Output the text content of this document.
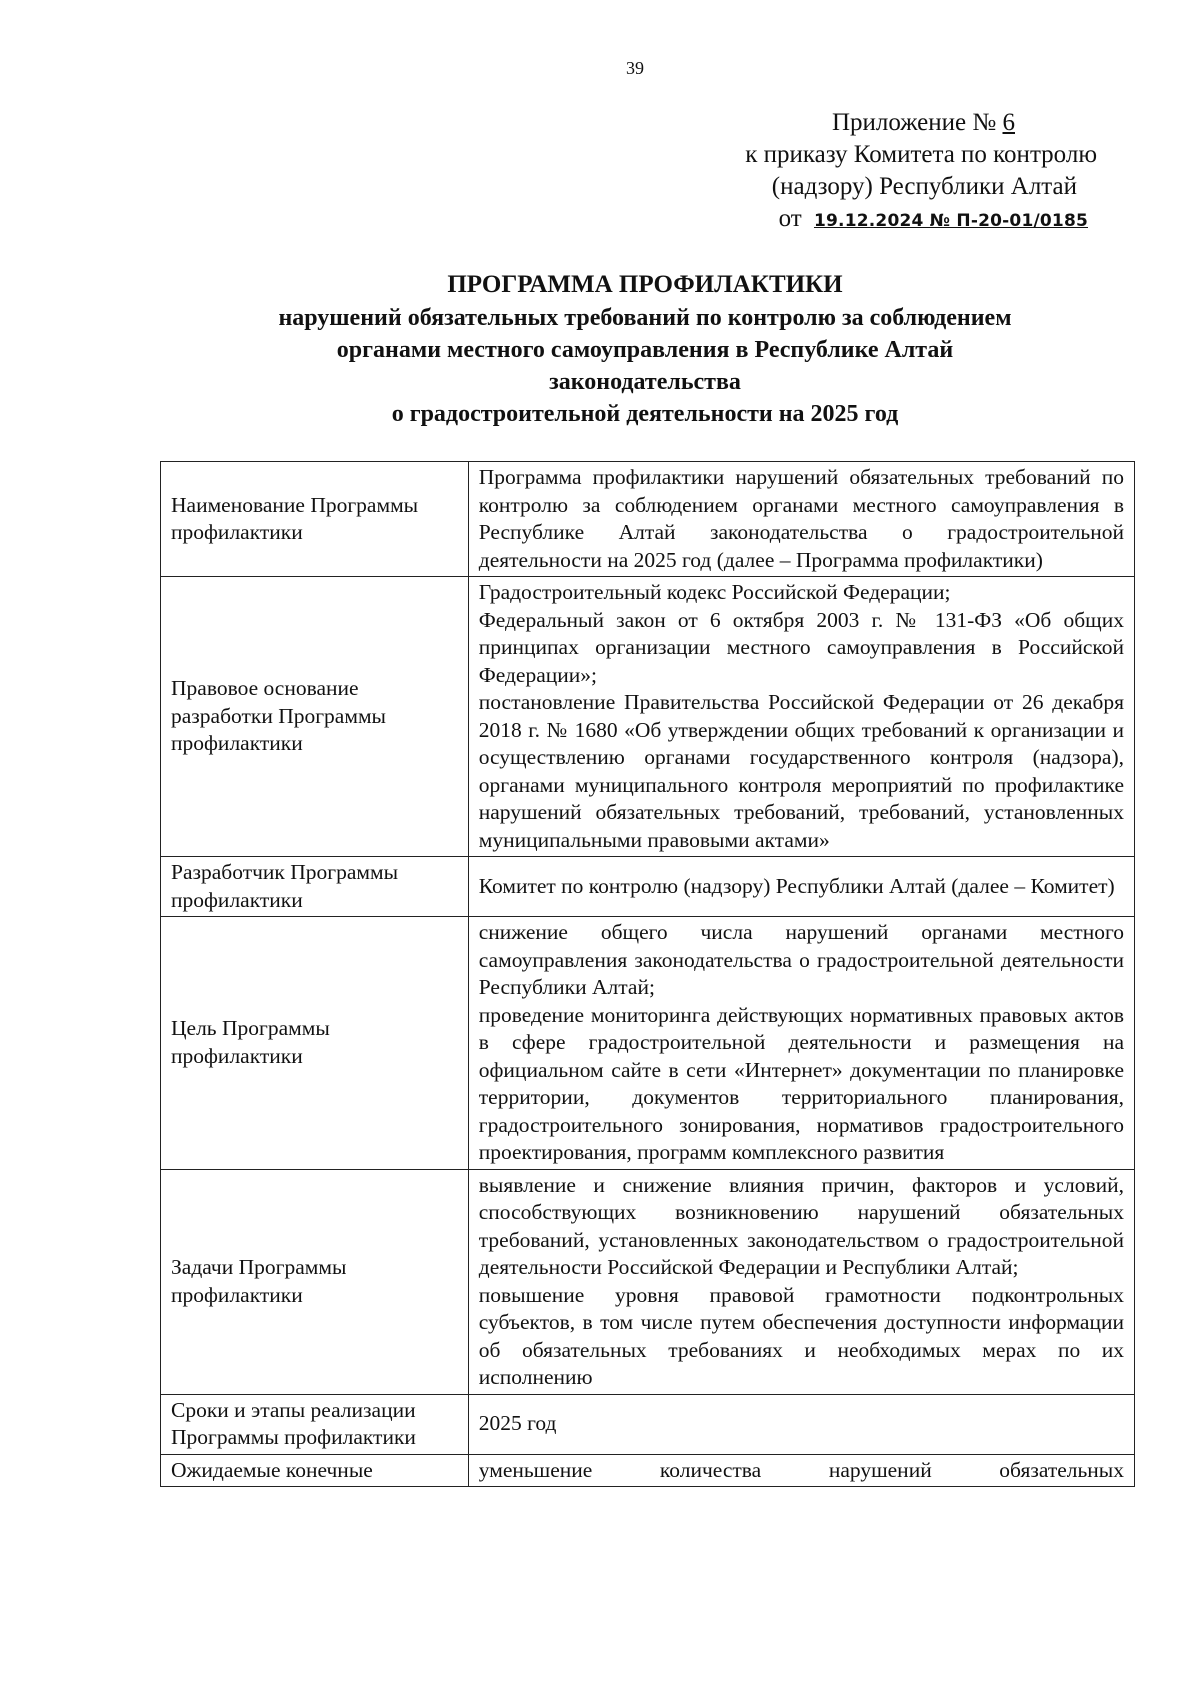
39
Приложение № 6
к приказу Комитета по контролю
(надзору) Республики Алтай
от 19.12.2024 № П-20-01/0185
ПРОГРАММА ПРОФИЛАКТИКИ
нарушений обязательных требований по контролю за соблюдением
органами местного самоуправления в Республике Алтай
законодательства
о градостроительной деятельности на 2025 год
Наименование Программы профилактики	Программа профилактики нарушений обязательных требований по контролю за соблюдением органами местного самоуправления в Республике Алтай законодательства о градостроительной деятельности на 2025 год (далее – Программа профилактики)

Правовое основание разработки Программы профилактики	Градостроительный кодекс Российской Федерации;
Федеральный закон от 6 октября 2003 г. № 131-ФЗ «Об общих принципах организации местного самоуправления в Российской Федерации»;
постановление Правительства Российской Федерации от 26 декабря 2018 г. № 1680 «Об утверждении общих требований к организации и осуществлению органами государственного контроля (надзора), органами муниципального контроля мероприятий по профилактике нарушений обязательных требований, требований, установленных муниципальными правовыми актами»

Разработчик Программы профилактики	Комитет по контролю (надзору) Республики Алтай (далее – Комитет)

Цель Программы профилактики	снижение общего числа нарушений органами местного самоуправления законодательства о градостроительной деятельности Республики Алтай;
проведение мониторинга действующих нормативных правовых актов в сфере градостроительной деятельности и размещения на официальном сайте в сети «Интернет» документации по планировке территории, документов территориального планирования, градостроительного зонирования, нормативов градостроительного проектирования, программ комплексного развития

Задачи Программы профилактики	выявление и снижение влияния причин, факторов и условий, способствующих возникновению нарушений обязательных требований, установленных законодательством о градостроительной деятельности Российской Федерации и Республики Алтай;
повышение уровня правовой грамотности подконтрольных субъектов, в том числе путем обеспечения доступности информации об обязательных требованиях и необходимых мерах по их исполнению

Сроки и этапы реализации Программы профилактики	2025 год

Ожидаемые конечные	уменьшение количества нарушений обязательных
